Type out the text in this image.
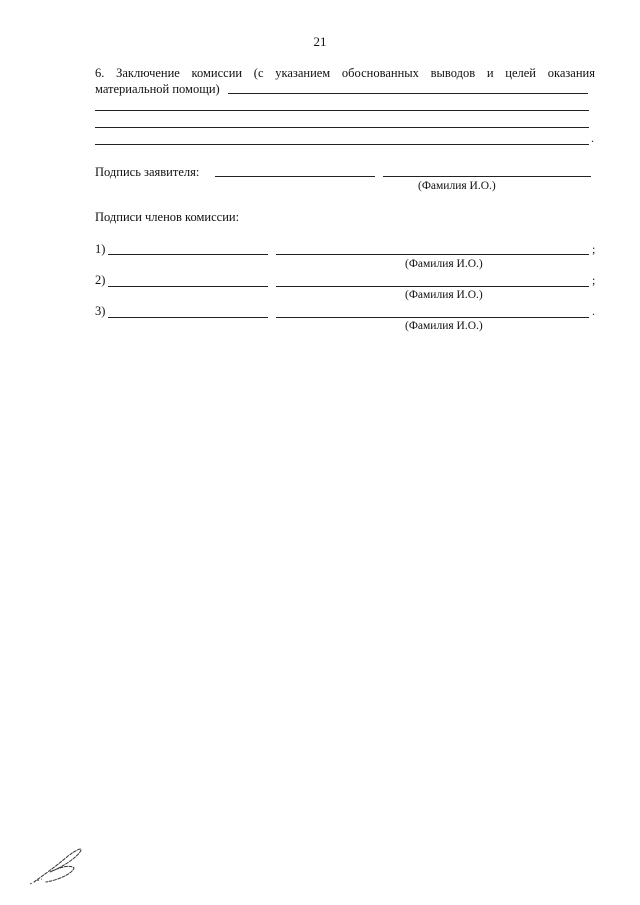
21
6. Заключение комиссии (с указанием обоснованных выводов и целей оказания
материальной помощи)
.
Подпись заявителя:
(Фамилия И.О.)
Подписи членов комиссии:
1)	;
(Фамилия И.О.)
2)	;
(Фамилия И.О.)
3)	.
(Фамилия И.О.)
